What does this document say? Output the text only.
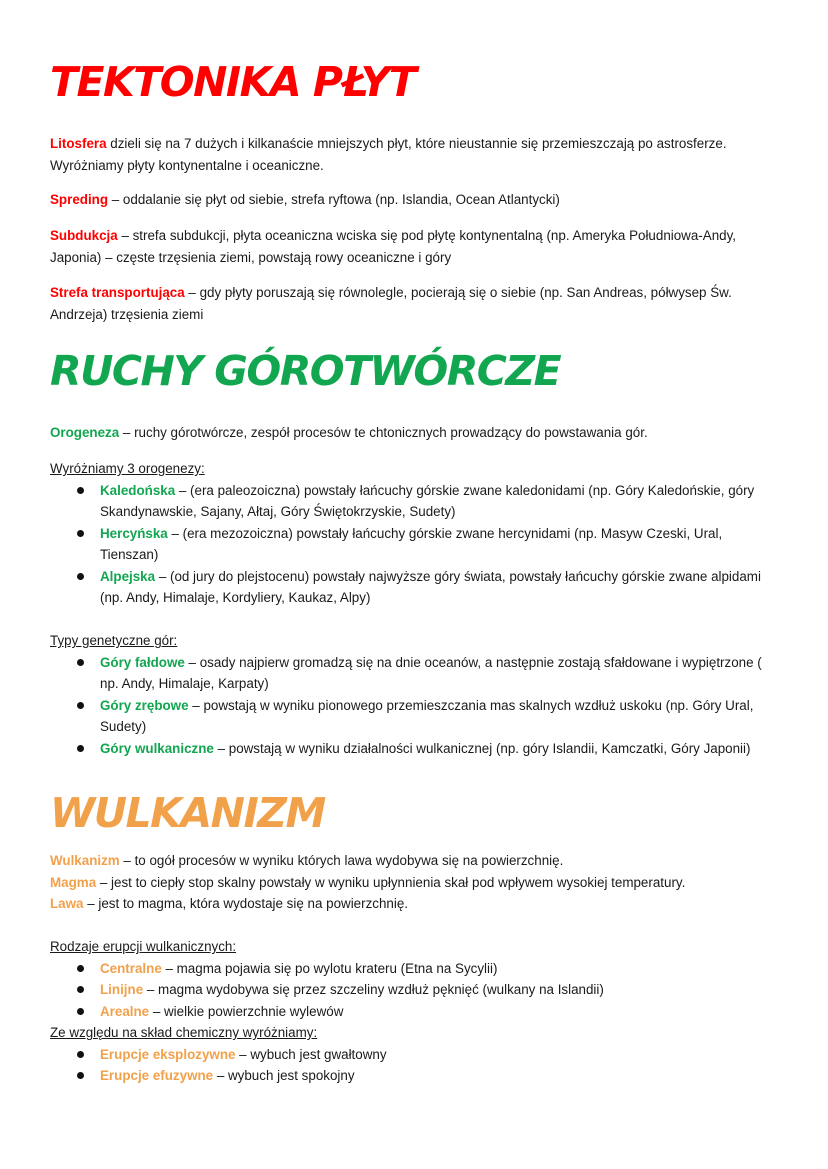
TEKTONIKA PŁYT

Litosfera dzieli się na 7 dużych i kilkanaście mniejszych płyt, które nieustannie się przemieszczają po astrosferze. Wyróżniamy płyty kontynentalne i oceaniczne.

Spreding – oddalanie się płyt od siebie, strefa ryftowa (np. Islandia, Ocean Atlantycki)

Subdukcja – strefa subdukcji, płyta oceaniczna wciska się pod płytę kontynentalną (np. Ameryka Południowa-Andy, Japonia) – częste trzęsienia ziemi, powstają rowy oceaniczne i góry

Strefa transportująca – gdy płyty poruszają się równolegle, pocierają się o siebie (np. San Andreas, półwysep Św. Andrzeja) trzęsienia ziemi

RUCHY GÓROTWÓRCZE

Orogeneza – ruchy górotwórcze, zespół procesów te chtonicznych prowadzący do powstawania gór.

Wyróżniamy 3 orogenezy:

Kaledońska – (era paleozoiczna) powstały łańcuchy górskie zwane kaledonidami (np. Góry Kaledońskie, góry Skandynawskie, Sajany, Ałtaj, Góry Świętokrzyskie, Sudety)
Hercyńska – (era mezozoiczna) powstały łańcuchy górskie zwane hercynidami (np. Masyw Czeski, Ural, Tienszan)
Alpejska – (od jury do plejstocenu) powstały najwyższe góry świata, powstały łańcuchy górskie zwane alpidami (np. Andy, Himalaje, Kordyliery, Kaukaz, Alpy)

Typy genetyczne gór:

Góry fałdowe – osady najpierw gromadzą się na dnie oceanów, a następnie zostają sfałdowane i wypiętrzone ( np. Andy, Himalaje, Karpaty)
Góry zrębowe – powstają w wyniku pionowego przemieszczania mas skalnych wzdłuż uskoku (np. Góry Ural, Sudety)
Góry wulkaniczne – powstają w wyniku działalności wulkanicznej (np. góry Islandii, Kamczatki, Góry Japonii)
WULKANIZM

Wulkanizm – to ogół procesów w wyniku których lawa wydobywa się na powierzchnię.

Magma – jest to ciepły stop skalny powstały w wyniku upłynnienia skał pod wpływem wysokiej temperatury.

Lawa – jest to magma, która wydostaje się na powierzchnię.

Rodzaje erupcji wulkanicznych:

Centralne – magma pojawia się po wylotu krateru (Etna na Sycylii)
Linijne – magma wydobywa się przez szczeliny wzdłuż pęknięć (wulkany na Islandii)
Arealne – wielkie powierzchnie wylewów

Ze względu na skład chemiczny wyróżniamy:

Erupcje eksplozywne – wybuch jest gwałtowny
Erupcje efuzywne – wybuch jest spokojny
